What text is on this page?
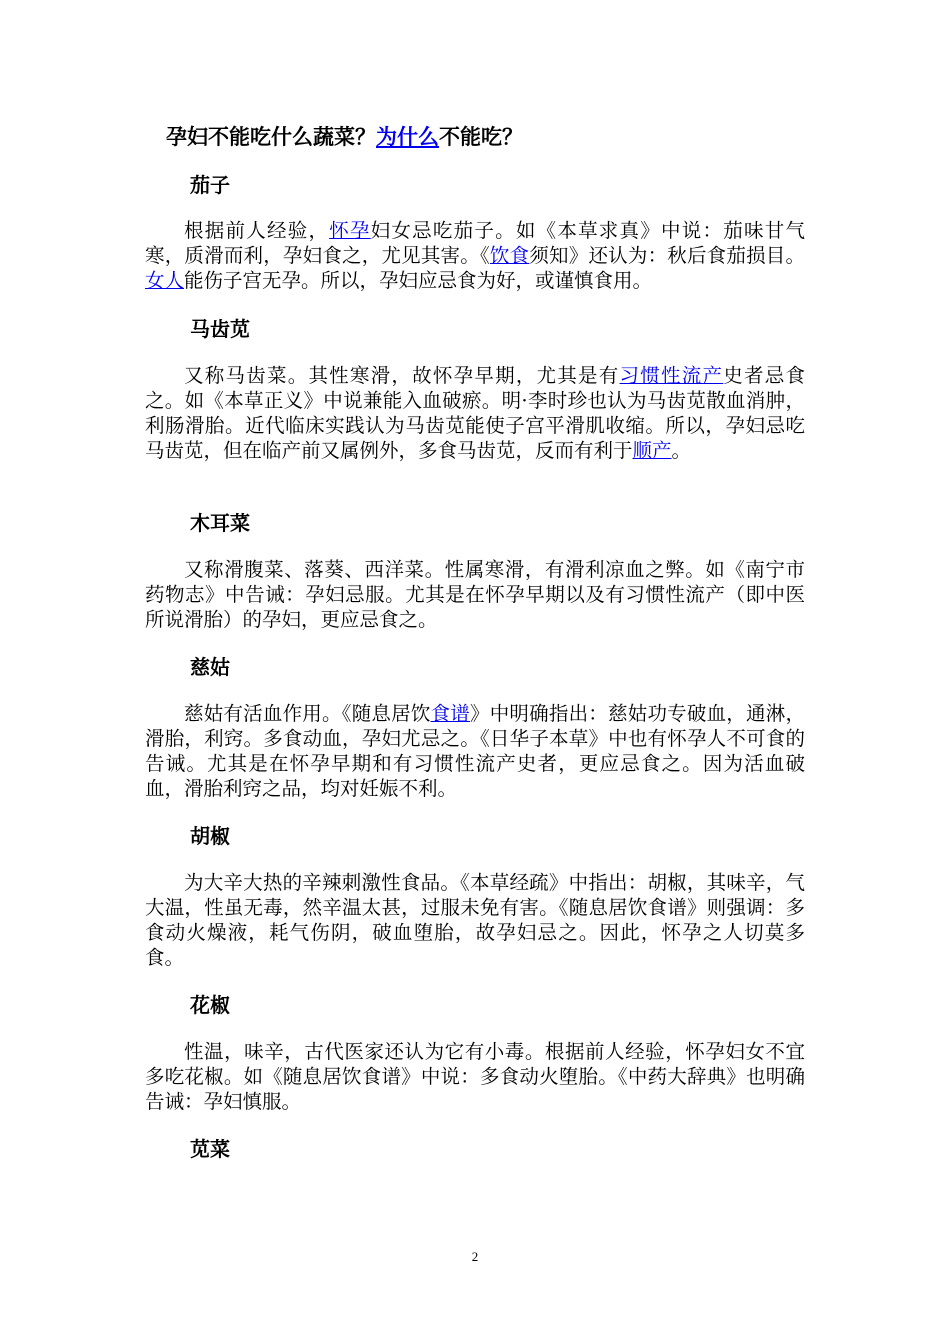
孕妇不能吃什么蔬菜？为什么不能吃？
茄子

根据前人经验，怀孕妇女忌吃茄子。如《本草求真》中说：茄味甘气寒，质滑而利，孕妇食之，尤见其害。《饮食须知》还认为：秋后食茄损目。女人能伤子宫无孕。所以，孕妇应忌食为好，或谨慎食用。

马齿苋

又称马齿菜。其性寒滑，故怀孕早期，尤其是有习惯性流产史者忌食之。如《本草正义》中说兼能入血破瘀。明·李时珍也认为马齿苋散血消肿，利肠滑胎。近代临床实践认为马齿苋能使子宫平滑肌收缩。所以，孕妇忌吃马齿苋，但在临产前又属例外，多食马齿苋，反而有利于顺产。

木耳菜

又称滑腹菜、落葵、西洋菜。性属寒滑，有滑利凉血之弊。如《南宁市药物志》中告诫：孕妇忌服。尤其是在怀孕早期以及有习惯性流产（即中医所说滑胎）的孕妇，更应忌食之。

慈姑

慈姑有活血作用。《随息居饮食谱》中明确指出：慈姑功专破血，通淋，滑胎，利窍。多食动血，孕妇尤忌之。《日华子本草》中也有怀孕人不可食的告诫。尤其是在怀孕早期和有习惯性流产史者，更应忌食之。因为活血破血，滑胎利窍之品，均对妊娠不利。

胡椒

为大辛大热的辛辣刺激性食品。《本草经疏》中指出：胡椒，其味辛，气大温，性虽无毒，然辛温太甚，过服未免有害。《随息居饮食谱》则强调：多食动火燥液，耗气伤阴，破血堕胎，故孕妇忌之。因此，怀孕之人切莫多食。

花椒

性温，味辛，古代医家还认为它有小毒。根据前人经验，怀孕妇女不宜多吃花椒。如《随息居饮食谱》中说：多食动火堕胎。《中药大辞典》也明确告诫：孕妇慎服。

苋菜
2
